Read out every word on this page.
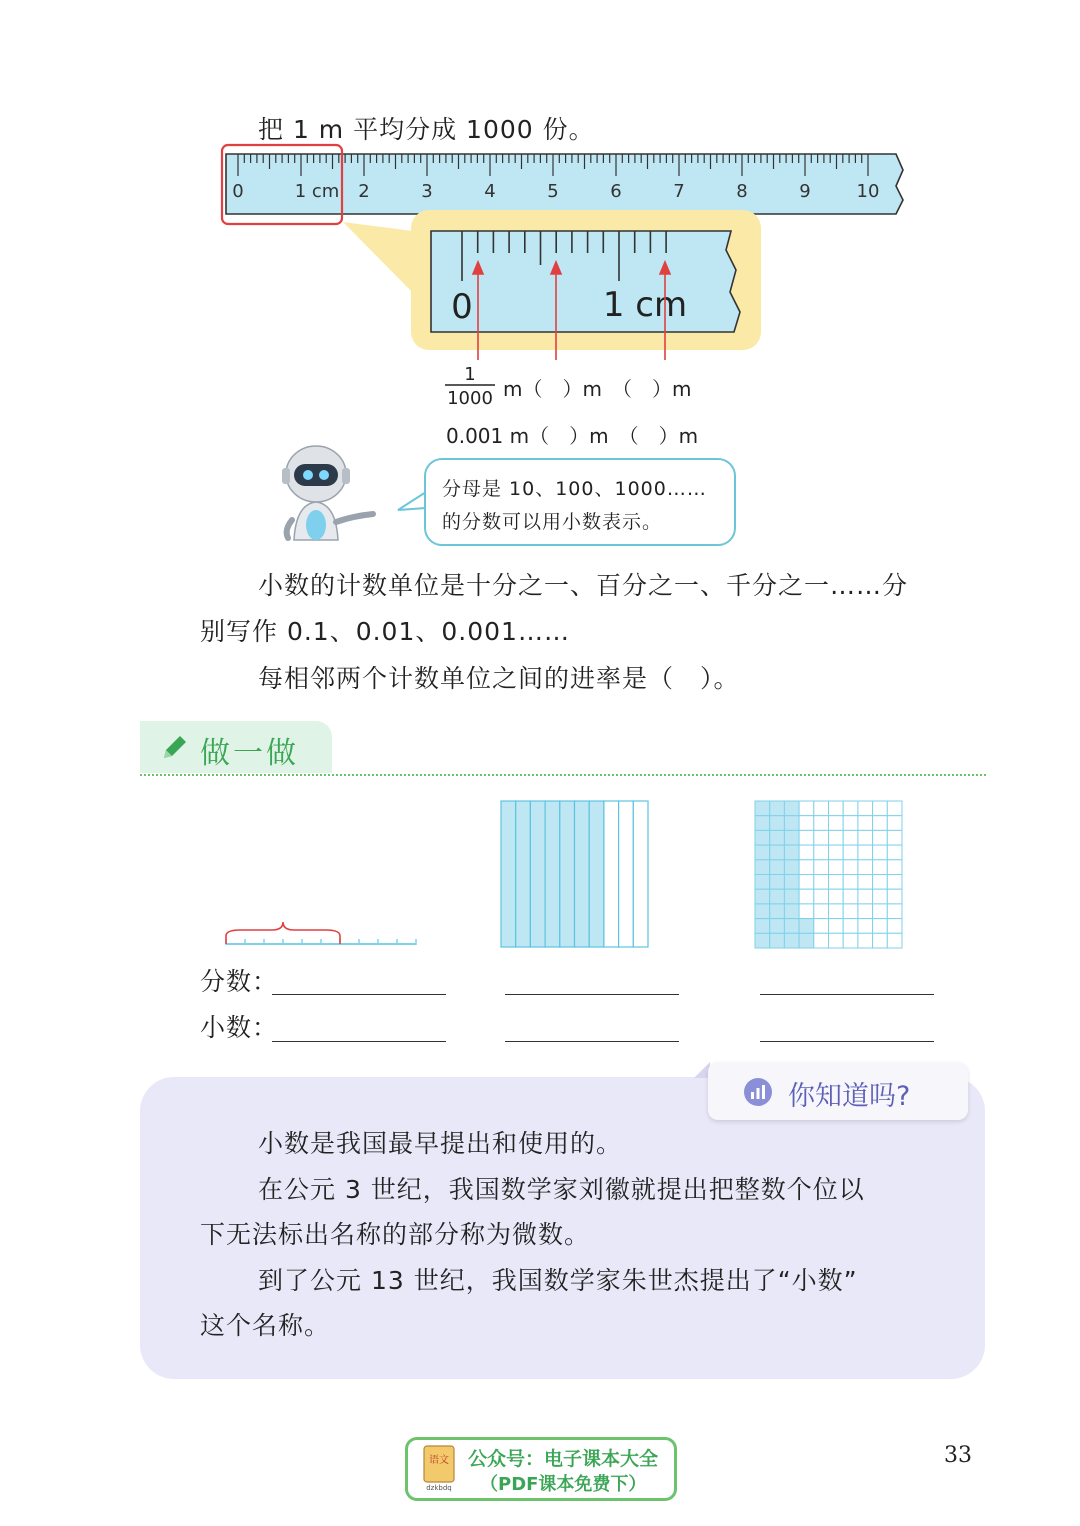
把 1 m 平均分成 1000 份。
0	1 cm 2	3	4	5	6	7	8	9	10
0	1 cm
1
1000 m（　）m　（　）m
0.001 m（　）m　（　）m
分母是 10、100、1000……
的分数可以用小数表示。
小数的计数单位是十分之一、百分之一、千分之一……分
别写作 0.1、0.01、0.001……
每相邻两个计数单位之间的进率是（　）。
做一做
分数：
小数：
你知道吗?
小数是我国最早提出和使用的。
在公元 3 世纪，我国数学家刘徽就提出把整数个位以
下无法标出名称的部分称为微数。
到了公元 13 世纪，我国数学家朱世杰提出了“小数”
这个名称。
语文
dzkbdq
公众号：电子课本大全
（PDF课本免费下）
33
